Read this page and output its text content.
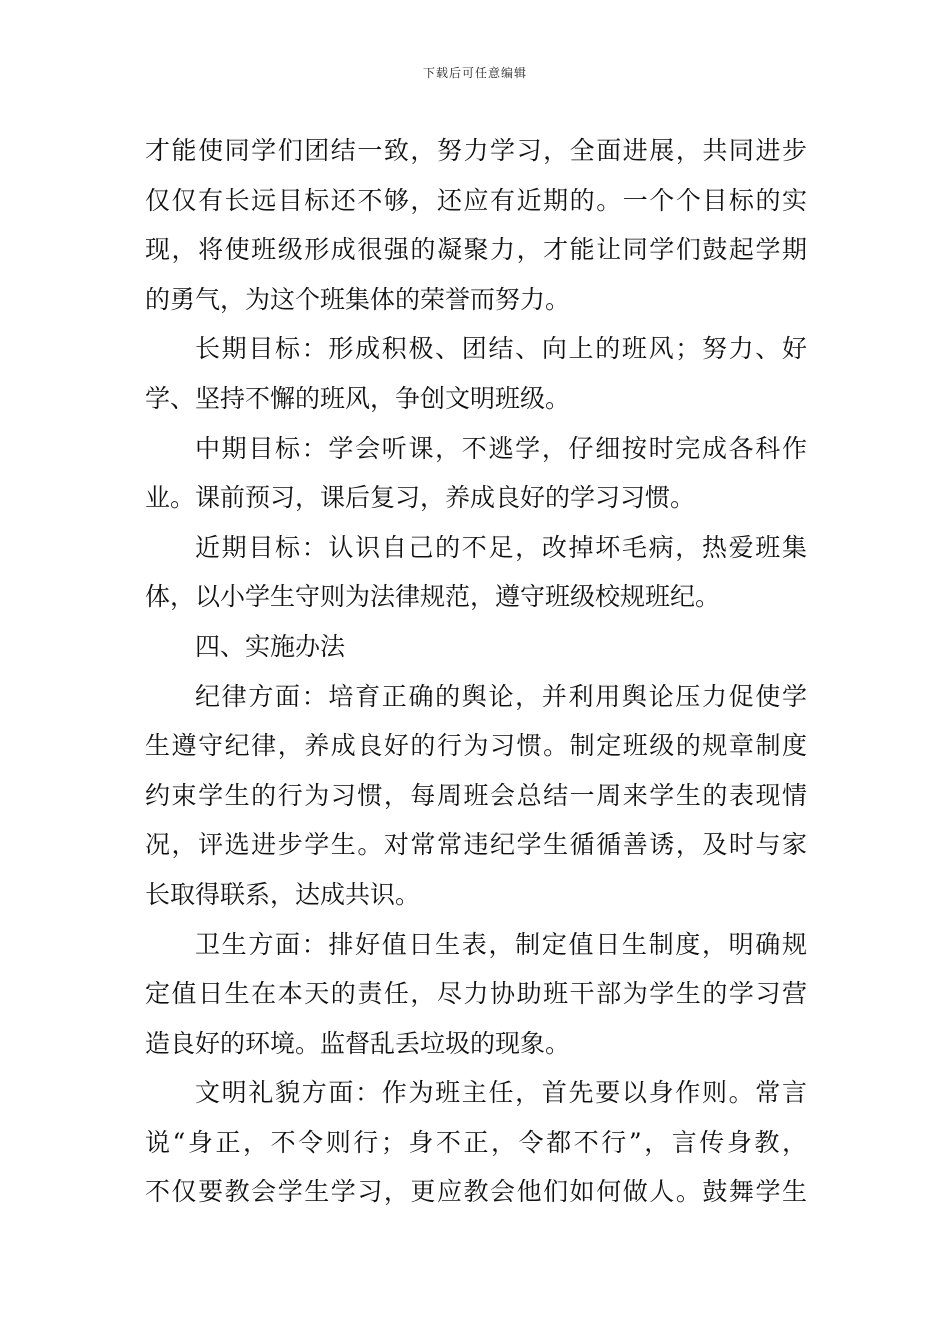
下载后可任意编辑
才能使同学们团结一致，努力学习，全面进展，共同进步
仅仅有长远目标还不够，还应有近期的。一个个目标的实
现，将使班级形成很强的凝聚力，才能让同学们鼓起学期
的勇气，为这个班集体的荣誉而努力。
长期目标：形成积极、团结、向上的班风；努力、好
学、坚持不懈的班风，争创文明班级。
中期目标：学会听课，不逃学，仔细按时完成各科作
业。课前预习，课后复习，养成良好的学习习惯。
近期目标：认识自己的不足，改掉坏毛病，热爱班集
体，以小学生守则为法律规范，遵守班级校规班纪。
四、实施办法
纪律方面：培育正确的舆论，并利用舆论压力促使学
生遵守纪律，养成良好的行为习惯。制定班级的规章制度
约束学生的行为习惯，每周班会总结一周来学生的表现情
况，评选进步学生。对常常违纪学生循循善诱，及时与家
长取得联系，达成共识。
卫生方面：排好值日生表，制定值日生制度，明确规
定值日生在本天的责任，尽力协助班干部为学生的学习营
造良好的环境。监督乱丢垃圾的现象。
文明礼貌方面：作为班主任，首先要以身作则。常言
说“身正，不令则行；身不正，令都不行”，言传身教，
不仅要教会学生学习，更应教会他们如何做人。鼓舞学生
